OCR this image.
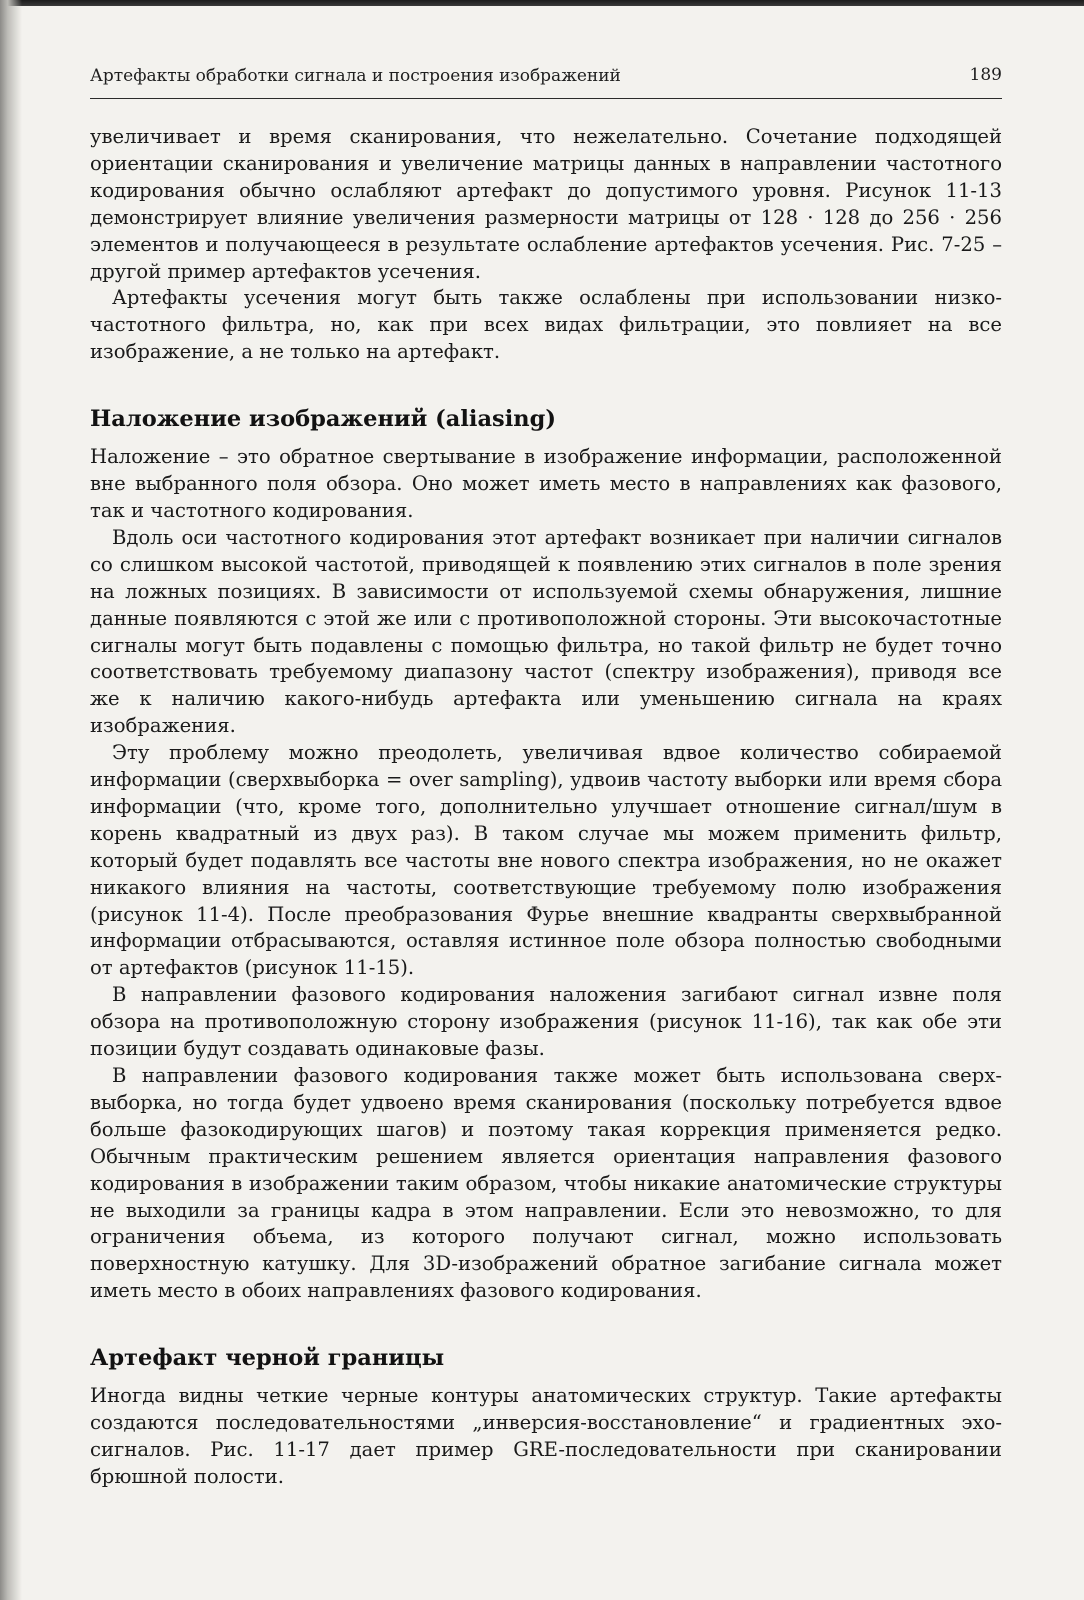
Артефакты обработки сигнала и построения изображений	189

увеличивает и время сканирования, что нежелательно. Сочетание подходящей ориентации сканирования и увеличение матрицы данных в направлении частотного кодирования обычно ослабляют артефакт до допустимого уровня. Рисунок 11-13 демонстрирует влияние увеличения размерности матрицы от 128 · 128 до 256 · 256 элементов и получающееся в результате ослабление артефактов усечения. Рис. 7-25 – другой пример артефактов усечения.

Артефакты усечения могут быть также ослаблены при использовании низкочастотного фильтра, но, как при всех видах фильтрации, это повлияет на все изображение, а не только на артефакт.

Наложение изображений (aliasing)

Наложение – это обратное свертывание в изображение информации, расположенной вне выбранного поля обзора. Оно может иметь место в направлениях как фазового, так и частотного кодирования.

Вдоль оси частотного кодирования этот артефакт возникает при наличии сигналов со слишком высокой частотой, приводящей к появлению этих сигналов в поле зрения на ложных позициях. В зависимости от используемой схемы обнаружения, лишние данные появляются с этой же или с противоположной стороны. Эти высокочастотные сигналы могут быть подавлены с помощью фильтра, но такой фильтр не будет точно соответствовать требуемому диапазону частот (спектру изображения), приводя все же к наличию какого-нибудь артефакта или уменьшению сигнала на краях изображения.

Эту проблему можно преодолеть, увеличивая вдвое количество собираемой информации (сверхвыборка = over sampling), удвоив частоту выборки или время сбора информации (что, кроме того, дополнительно улучшает отношение сигнал/шум в корень квадратный из двух раз). В таком случае мы можем применить фильтр, который будет подавлять все частоты вне нового спектра изображения, но не окажет никакого влияния на частоты, соответствующие требуемому полю изображения (рисунок 11-4). После преобразования Фурье внешние квадранты сверхвыбранной информации отбрасываются, оставляя истинное поле обзора полностью свободными от артефактов (рисунок 11-15).

В направлении фазового кодирования наложения загибают сигнал извне поля обзора на противоположную сторону изображения (рисунок 11-16), так как обе эти позиции будут создавать одинаковые фазы.

В направлении фазового кодирования также может быть использована сверхвыборка, но тогда будет удвоено время сканирования (поскольку потребуется вдвое больше фазокодирующих шагов) и поэтому такая коррекция применяется редко. Обычным практическим решением является ориентация направления фазового кодирования в изображении таким образом, чтобы никакие анатомические структуры не выходили за границы кадра в этом направлении. Если это невозможно, то для ограничения объема, из которого получают сигнал, можно использовать поверхностную катушку. Для 3D-изображений обратное загибание сигнала может иметь место в обоих направлениях фазового кодирования.

Артефакт черной границы

Иногда видны четкие черные контуры анатомических структур. Такие артефакты создаются последовательностями „инверсия-восстановление“ и градиентных эхо-сигналов. Рис. 11-17 дает пример GRE-последовательности при сканировании брюшной полости.
